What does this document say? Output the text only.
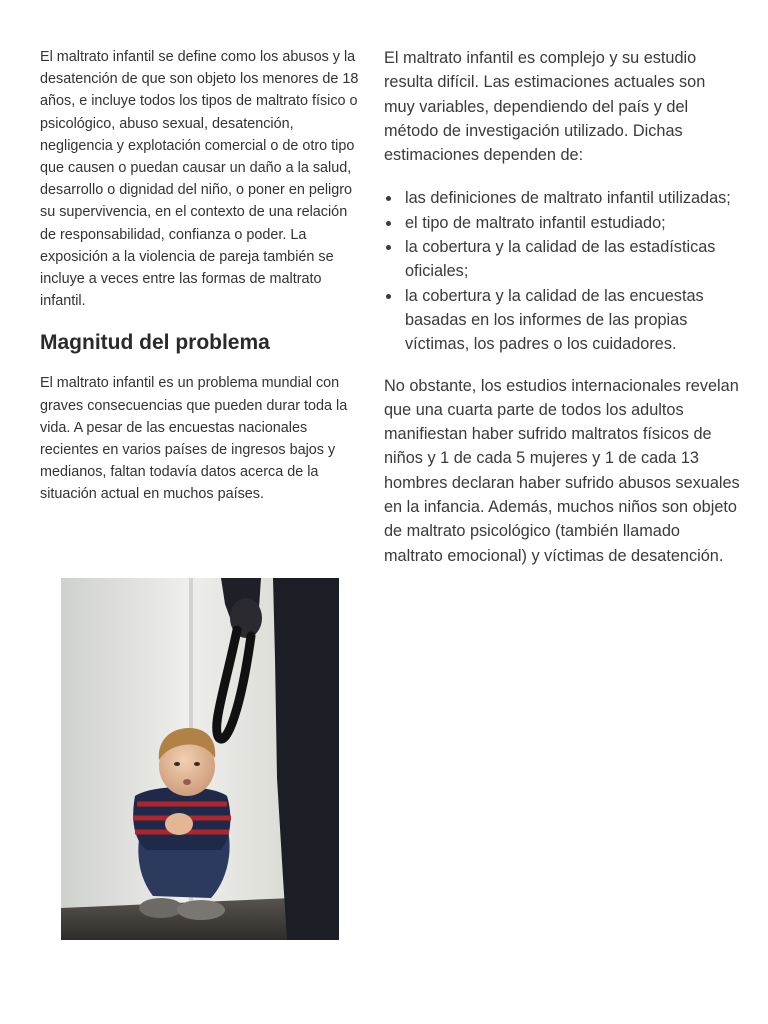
El maltrato infantil se define como los abusos y la desatención de que son objeto los menores de 18 años, e incluye todos los tipos de maltrato físico o psicológico, abuso sexual, desatención, negligencia y explotación comercial o de otro tipo que causen o puedan causar un daño a la salud, desarrollo o dignidad del niño, o poner en peligro su supervivencia, en el contexto de una relación de responsabilidad, confianza o poder. La exposición a la violencia de pareja también se incluye a veces entre las formas de maltrato infantil.

Magnitud del problema

El maltrato infantil es un problema mundial con graves consecuencias que pueden durar toda la vida. A pesar de las encuestas nacionales recientes en varios países de ingresos bajos y medianos, faltan todavía datos acerca de la situación actual en muchos países.

El maltrato infantil es complejo y su estudio resulta difícil. Las estimaciones actuales son muy variables, dependiendo del país y del método de investigación utilizado. Dichas estimaciones dependen de:

las definiciones de maltrato infantil utilizadas;
el tipo de maltrato infantil estudiado;
la cobertura y la calidad de las estadísticas oficiales;
la cobertura y la calidad de las encuestas basadas en los informes de las propias víctimas, los padres o los cuidadores.

No obstante, los estudios internacionales revelan que una cuarta parte de todos los adultos manifiestan haber sufrido maltratos físicos de niños y 1 de cada 5 mujeres y 1 de cada 13 hombres declaran haber sufrido abusos sexuales en la infancia. Además, muchos niños son objeto de maltrato psicológico (también llamado maltrato emocional) y víctimas de desatención.
